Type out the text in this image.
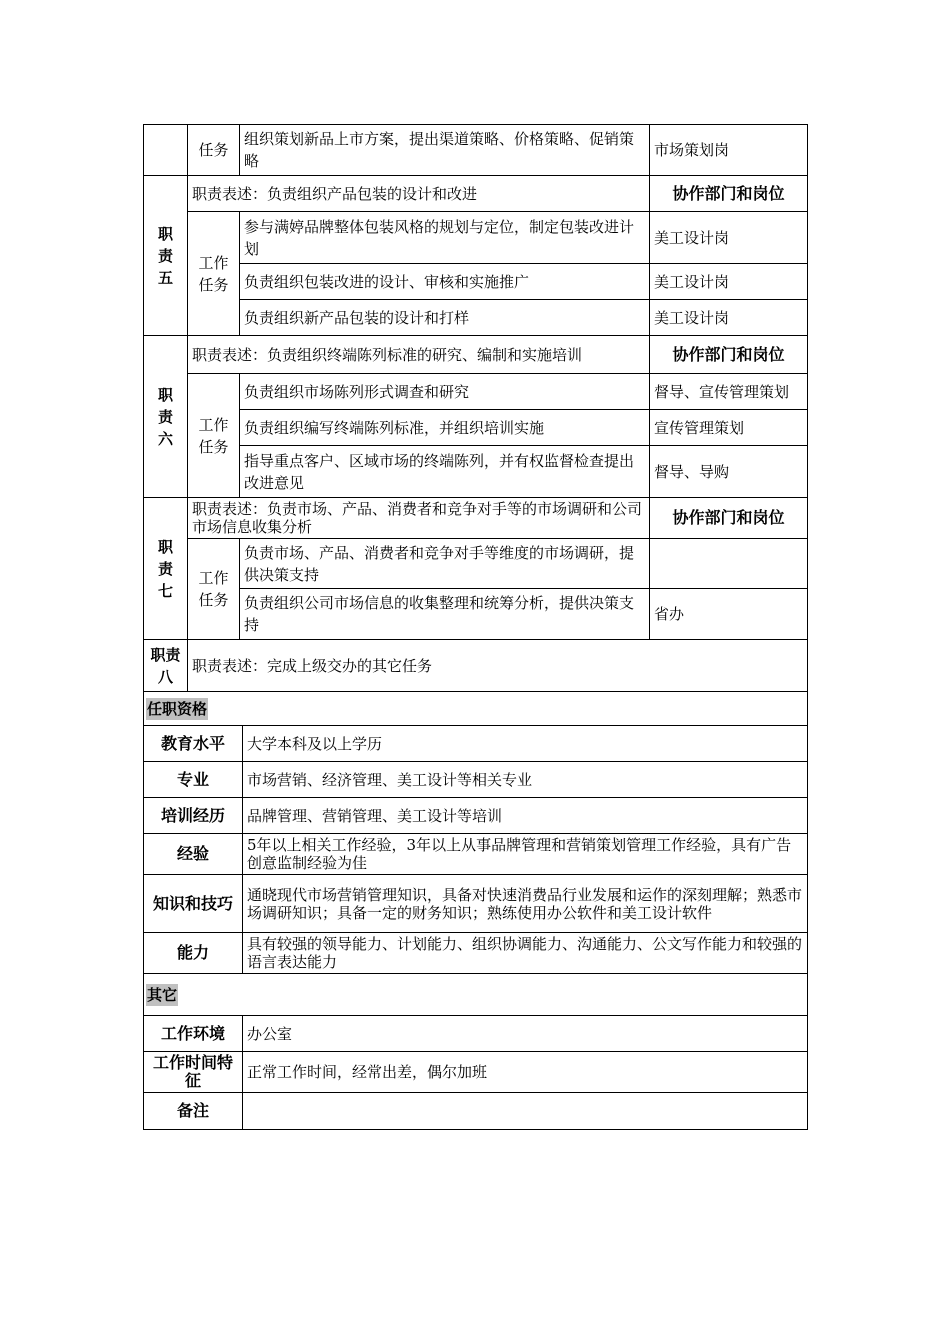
	任务	组织策划新品上市方案，提出渠道策略、价格策略、促销策略	市场策划岗

职
责
五	职责表述：负责组织产品包装的设计和改进		协作部门和岗位

	工作
任务	参与满婷品牌整体包装风格的规划与定位，制定包装改进计划	美工设计岗
		负责组织包装改进的设计、审核和实施推广	美工设计岗
		负责组织新产品包装的设计和打样	美工设计岗

职
责
六	职责表述：负责组织终端陈列标准的研究、编制和实施培训		协作部门和岗位

	工作
任务	负责组织市场陈列形式调查和研究	督导、宣传管理策划
		负责组织编写终端陈列标准，并组织培训实施	宣传管理策划
		指导重点客户、区域市场的终端陈列，并有权监督检查提出改进意见	督导、导购

职
责
七	职责表述：负责市场、产品、消费者和竞争对手等的市场调研和公司市场信息收集分析		协作部门和岗位

	工作
任务	负责市场、产品、消费者和竞争对手等维度的市场调研，提供决策支持	
		负责组织公司市场信息的收集整理和统筹分析，提供决策支持	省办

职责
八	职责表述：完成上级交办的其它任务		
任职资格	
教育水平	大学本科及以上学历
专业	市场营销、经济管理、美工设计等相关专业
培训经历	品牌管理、营销管理、美工设计等培训
经验	5年以上相关工作经验，3年以上从事品牌管理和营销策划管理工作经验，具有广告创意监制经验为佳
知识和技巧	通晓现代市场营销管理知识，具备对快速消费品行业发展和运作的深刻理解；熟悉市场调研知识；具备一定的财务知识；熟练使用办公软件和美工设计软件
能力	具有较强的领导能力、计划能力、组织协调能力、沟通能力、公文写作能力和较强的语言表达能力
其它	
工作环境	办公室
工作时间特征	正常工作时间，经常出差，偶尔加班
备注	
